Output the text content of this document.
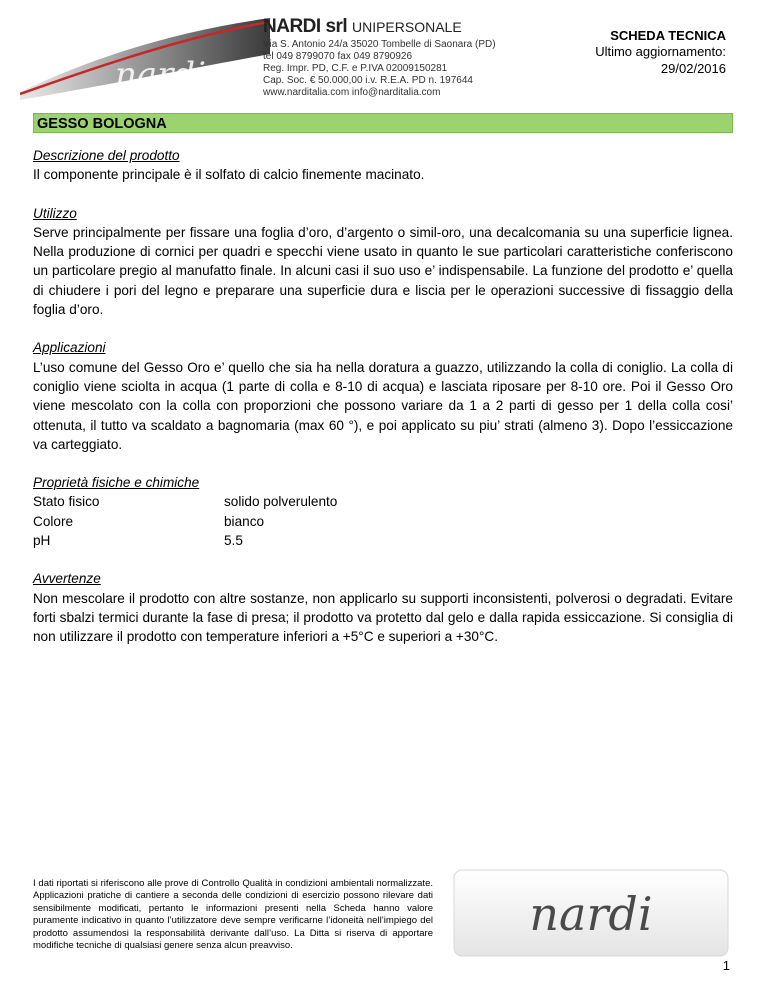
nardi
NARDI srl UNIPERSONALE
Via S. Antonio 24/a 35020 Tombelle di Saonara (PD)
tel 049 8799070 fax 049 8790926
Reg. Impr. PD, C.F. e P.IVA 02009150281
Cap. Soc. € 50.000,00 i.v. R.E.A. PD n. 197644
www.narditalia.com info@narditalia.com
SCHEDA TECNICA
Ultimo aggiornamento:
29/02/2016
GESSO BOLOGNA
Descrizione del prodotto

Il componente principale è il solfato di calcio finemente macinato.

Utilizzo

Serve principalmente per fissare una foglia d’oro, d’argento o simil-oro, una decalcomania su una superficie lignea. Nella produzione di cornici per quadri e specchi viene usato in quanto le sue particolari caratteristiche conferiscono un particolare pregio al manufatto finale. In alcuni casi il suo uso e’ indispensabile. La funzione del prodotto e’ quella di chiudere i pori del legno e preparare una superficie dura e liscia per le operazioni successive di fissaggio della foglia d’oro.

Applicazioni

L’uso comune del Gesso Oro e’ quello che sia ha nella doratura a guazzo, utilizzando la colla di coniglio. La colla di coniglio viene sciolta in acqua (1 parte di colla e 8-10 di acqua) e lasciata riposare per 8-10 ore. Poi il Gesso Oro viene mescolato con la colla con proporzioni che possono variare da 1 a 2 parti di gesso per 1 della colla cosi’ ottenuta, il tutto va scaldato a bagnomaria (max 60 °), e poi applicato su piu’ strati (almeno 3). Dopo l’essiccazione va carteggiato.

Proprietà fisiche e chimiche
Stato fisico	solido polverulento
Colore	bianco
pH	5.5
Avvertenze

Non mescolare il prodotto con altre sostanze, non applicarlo su supporti inconsistenti, polverosi o degradati. Evitare forti sbalzi termici durante la fase di presa; il prodotto va protetto dal gelo e dalla rapida essiccazione. Si consiglia di non utilizzare il prodotto con temperature inferiori a +5°C e superiori a +30°C.

I dati riportati si riferiscono alle prove di Controllo Qualità in condizioni ambientali normalizzate. Applicazioni pratiche di cantiere a seconda delle condizioni di esercizio possono rilevare dati sensibilmente modificati, pertanto le informazioni presenti nella Scheda hanno valore puramente indicativo in quanto l’utilizzatore deve sempre verificarne l’idoneità nell’impiego del prodotto assumendosi la responsabilità derivante dall’uso. La Ditta si riserva di apportare modifiche tecniche di qualsiasi genere senza alcun preavviso.
nardi
1
